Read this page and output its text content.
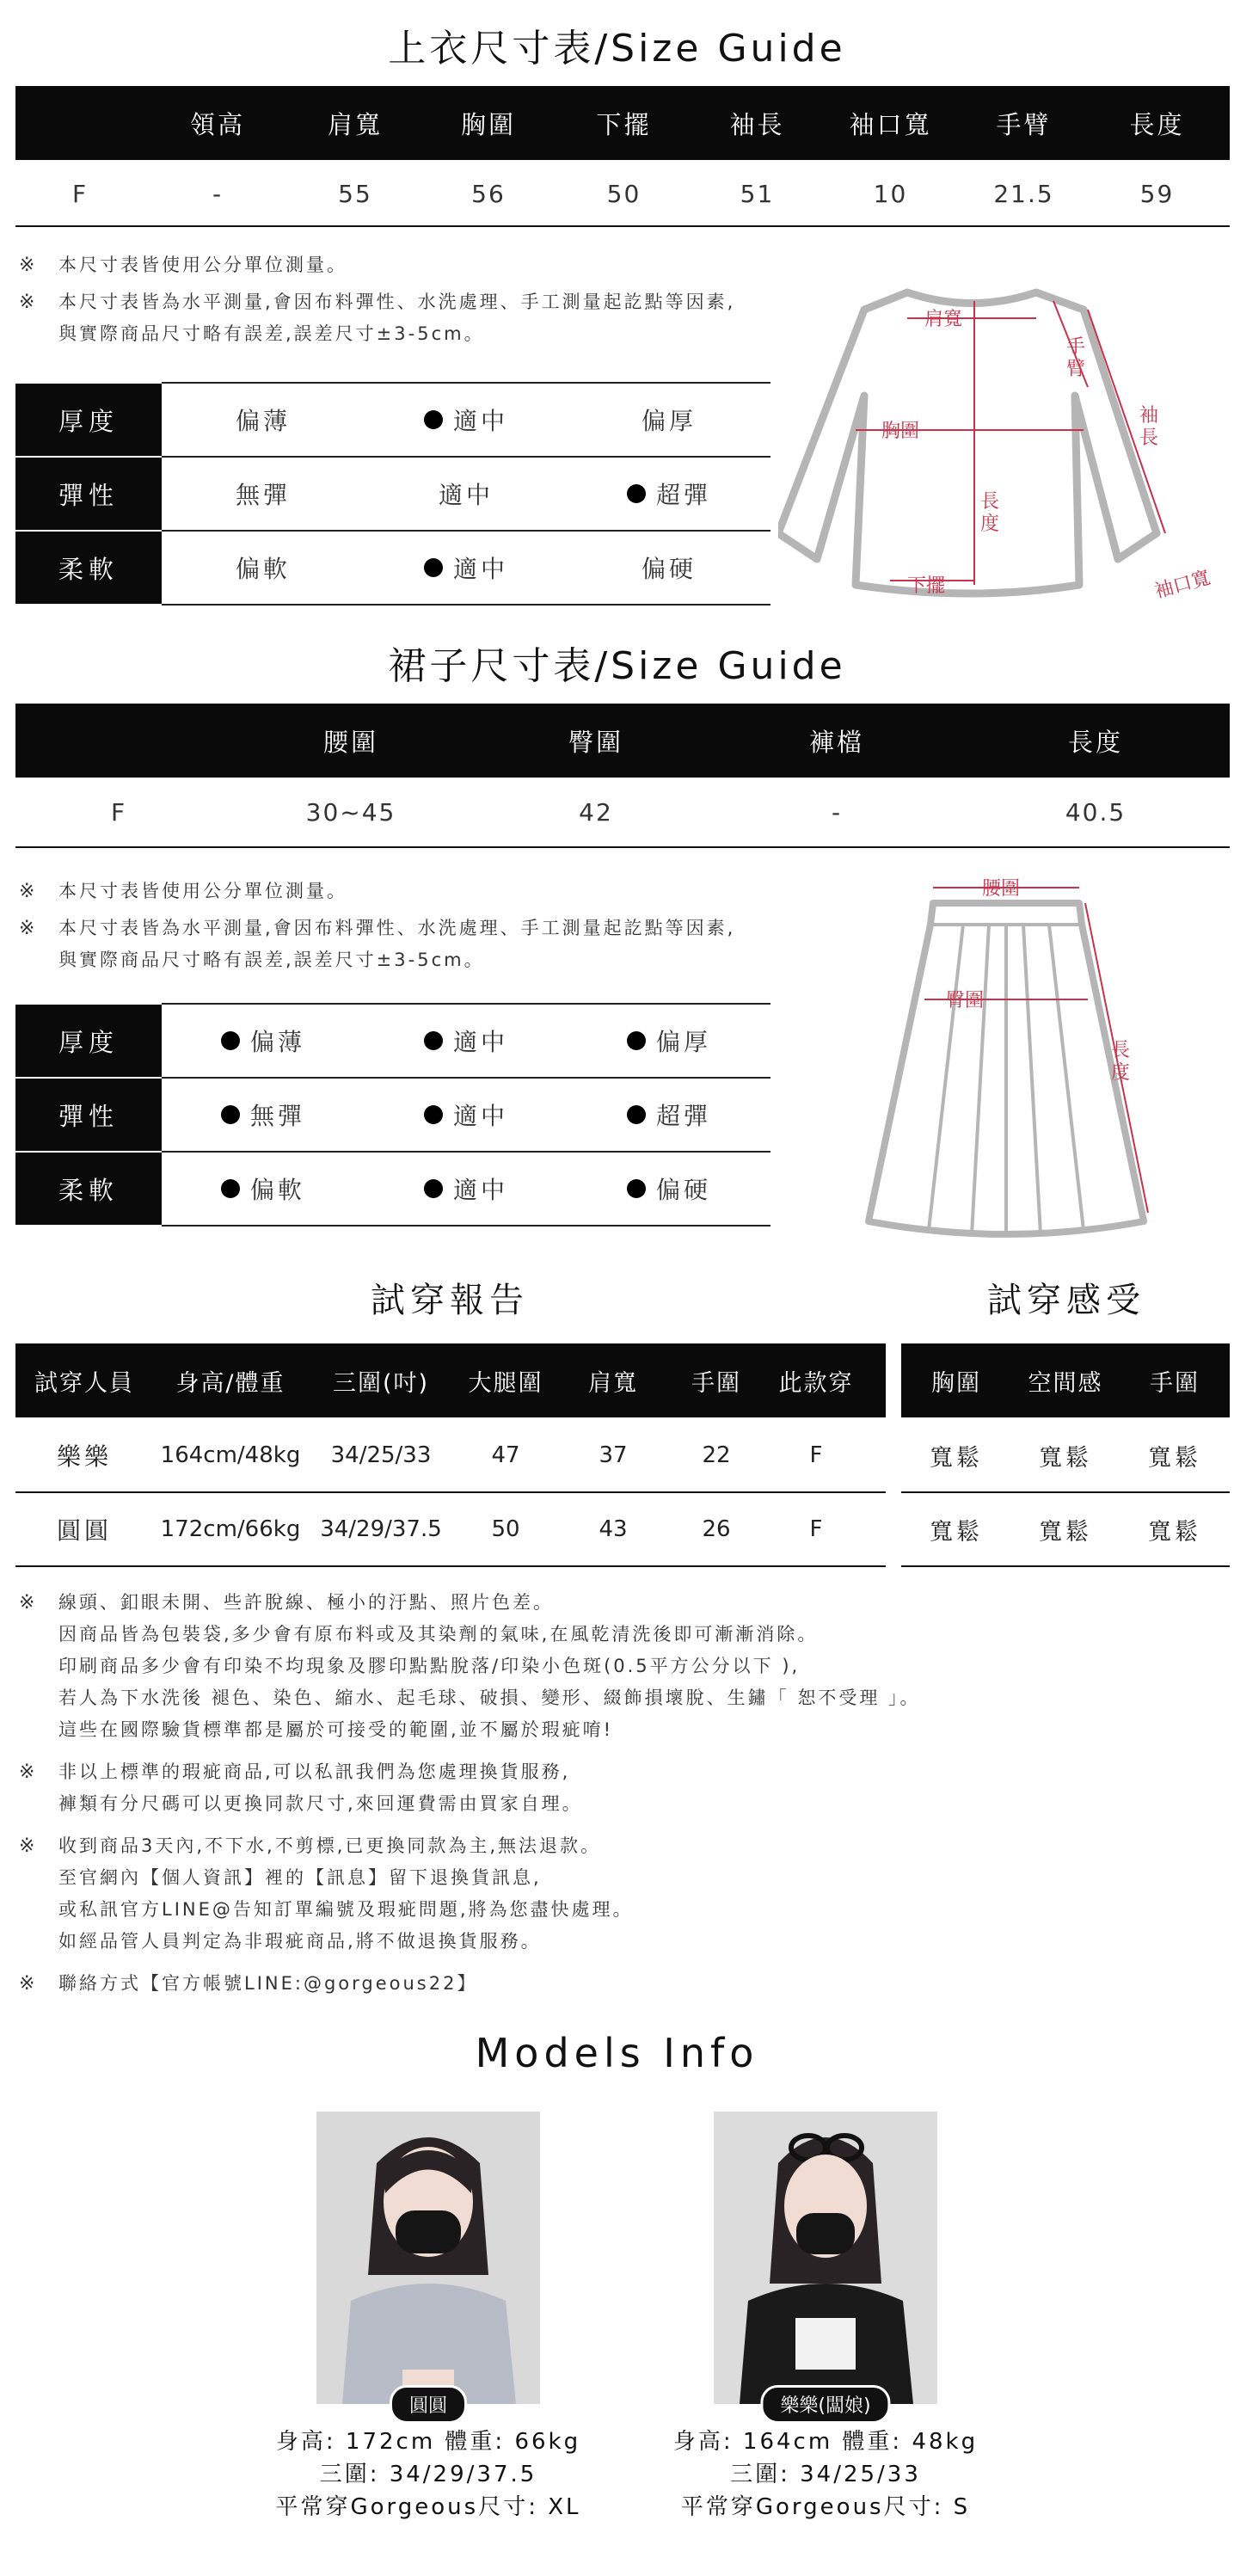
上衣尺寸表/Size Guide
領高	肩寬	胸圍	下擺	袖長	袖口寬	手臂	長度
F	-	55	56	50	51	10	21.5	59
※	本尺寸表皆使用公分單位測量。
※	本尺寸表皆為水平測量,會因布料彈性、水洗處理、手工測量起訖點等因素,
與實際商品尺寸略有誤差,誤差尺寸±3-5cm。
厚度	偏薄	適中	偏厚
彈性	無彈	適中	超彈
柔軟	偏軟	適中	偏硬
肩寬
胸圍
下擺
手臂
袖長
長度
袖口寬
裙子尺寸表/Size Guide
腰圍	臀圍	褲檔	長度
F	30~45	42	-	40.5
※	本尺寸表皆使用公分單位測量。
※	本尺寸表皆為水平測量,會因布料彈性、水洗處理、手工測量起訖點等因素,
與實際商品尺寸略有誤差,誤差尺寸±3-5cm。
厚度	偏薄	適中	偏厚
彈性	無彈	適中	超彈
柔軟	偏軟	適中	偏硬
腰圍
臀圍
長度
試穿報告	試穿感受
試穿人員	身高/體重	三圍(吋)	大腿圍	肩寬	手圍	此款穿	胸圍	空間感	手圍
樂樂	164cm/48kg	34/25/33	47	37	22	F	寬鬆	寬鬆	寬鬆
圓圓	172cm/66kg 34/29/37.5	50	43	26	F	寬鬆	寬鬆	寬鬆
※	線頭、釦眼未開、些許脫線、極小的汙點、照片色差。
因商品皆為包裝袋,多少會有原布料或及其染劑的氣味,在風乾清洗後即可漸漸消除。
印刷商品多少會有印染不均現象及膠印點點脫落/印染小色斑(0.5平方公分以下 ),
若人為下水洗後 褪色、染色、縮水、起毛球、破損、變形、綴飾損壞脫、生鏽「 恕不受理 」。
這些在國際驗貨標準都是屬於可接受的範圍,並不屬於瑕疵唷!
※	非以上標準的瑕疵商品,可以私訊我們為您處理換貨服務,
褲類有分尺碼可以更換同款尺寸,來回運費需由買家自理。
※	收到商品3天內,不下水,不剪標,已更換同款為主,無法退款。
至官網內【個人資訊】裡的【訊息】留下退換貨訊息,
或私訊官方LINE@告知訂單編號及瑕疵問題,將為您盡快處理。
如經品管人員判定為非瑕疵商品,將不做退換貨服務。
※	聯絡方式【官方帳號LINE:@gorgeous22】
Models Info
圓圓
身高: 172cm 體重: 66kg
三圍: 34/29/37.5
平常穿Gorgeous尺寸: XL
樂樂(闆娘)
身高: 164cm 體重: 48kg
三圍: 34/25/33
平常穿Gorgeous尺寸: S
